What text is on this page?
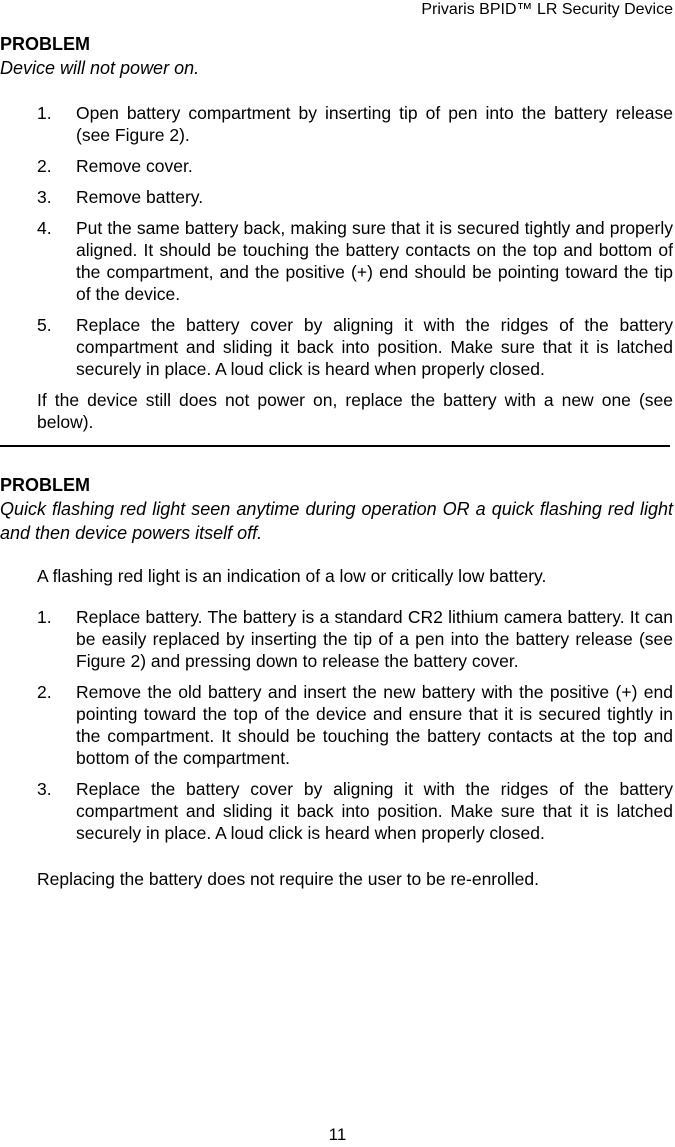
Privaris BPID™ LR Security Device
PROBLEM
Device will not power on.
1. Open battery compartment by inserting tip of pen into the battery release (see Figure 2).
2. Remove cover.
3. Remove battery.
4. Put the same battery back, making sure that it is secured tightly and properly aligned. It should be touching the battery contacts on the top and bottom of the compartment, and the positive (+) end should be pointing toward the tip of the device.
5. Replace the battery cover by aligning it with the ridges of the battery compartment and sliding it back into position. Make sure that it is latched securely in place. A loud click is heard when properly closed.
If the device still does not power on, replace the battery with a new one (see below).
PROBLEM
Quick flashing red light seen anytime during operation OR a quick flashing red light and then device powers itself off.
A flashing red light is an indication of a low or critically low battery.
1. Replace battery. The battery is a standard CR2 lithium camera battery. It can be easily replaced by inserting the tip of a pen into the battery release (see Figure 2) and pressing down to release the battery cover.
2. Remove the old battery and insert the new battery with the positive (+) end pointing toward the top of the device and ensure that it is secured tightly in the compartment. It should be touching the battery contacts at the top and bottom of the compartment.
3. Replace the battery cover by aligning it with the ridges of the battery compartment and sliding it back into position. Make sure that it is latched securely in place. A loud click is heard when properly closed.
Replacing the battery does not require the user to be re-enrolled.
11
